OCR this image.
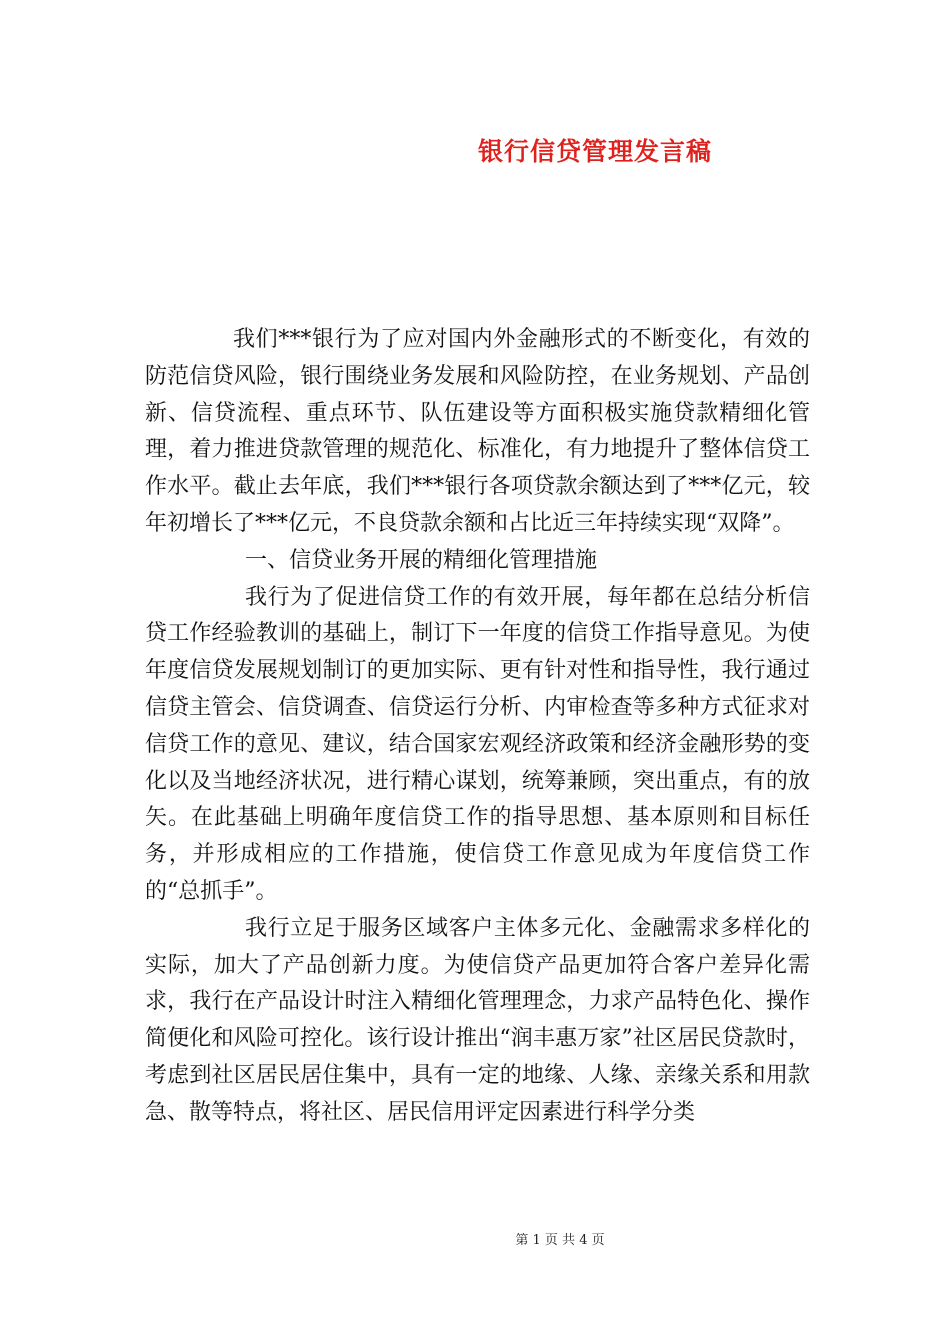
银行信贷管理发言稿

我们***银行为了应对国内外金融形式的不断变化，有效的防范信贷风险，银行围绕业务发展和风险防控，在业务规划、产品创新、信贷流程、重点环节、队伍建设等方面积极实施贷款精细化管理，着力推进贷款管理的规范化、标准化，有力地提升了整体信贷工作水平。截止去年底，我们***银行各项贷款余额达到了***亿元，较年初增长了***亿元，不良贷款余额和占比近三年持续实现“双降”。

一、信贷业务开展的精细化管理措施

我行为了促进信贷工作的有效开展，每年都在总结分析信贷工作经验教训的基础上，制订下一年度的信贷工作指导意见。为使年度信贷发展规划制订的更加实际、更有针对性和指导性，我行通过信贷主管会、信贷调查、信贷运行分析、内审检查等多种方式征求对信贷工作的意见、建议，结合国家宏观经济政策和经济金融形势的变化以及当地经济状况，进行精心谋划，统筹兼顾，突出重点，有的放矢。在此基础上明确年度信贷工作的指导思想、基本原则和目标任务，并形成相应的工作措施，使信贷工作意见成为年度信贷工作的“总抓手”。

我行立足于服务区域客户主体多元化、金融需求多样化的实际，加大了产品创新力度。为使信贷产品更加符合客户差异化需求，我行在产品设计时注入精细化管理理念，力求产品特色化、操作简便化和风险可控化。该行设计推出“润丰惠万家”社区居民贷款时，考虑到社区居民居住集中，具有一定的地缘、人缘、亲缘关系和用款急、散等特点，将社区、居民信用评定因素进行科学分类

第 1 页 共 4 页
